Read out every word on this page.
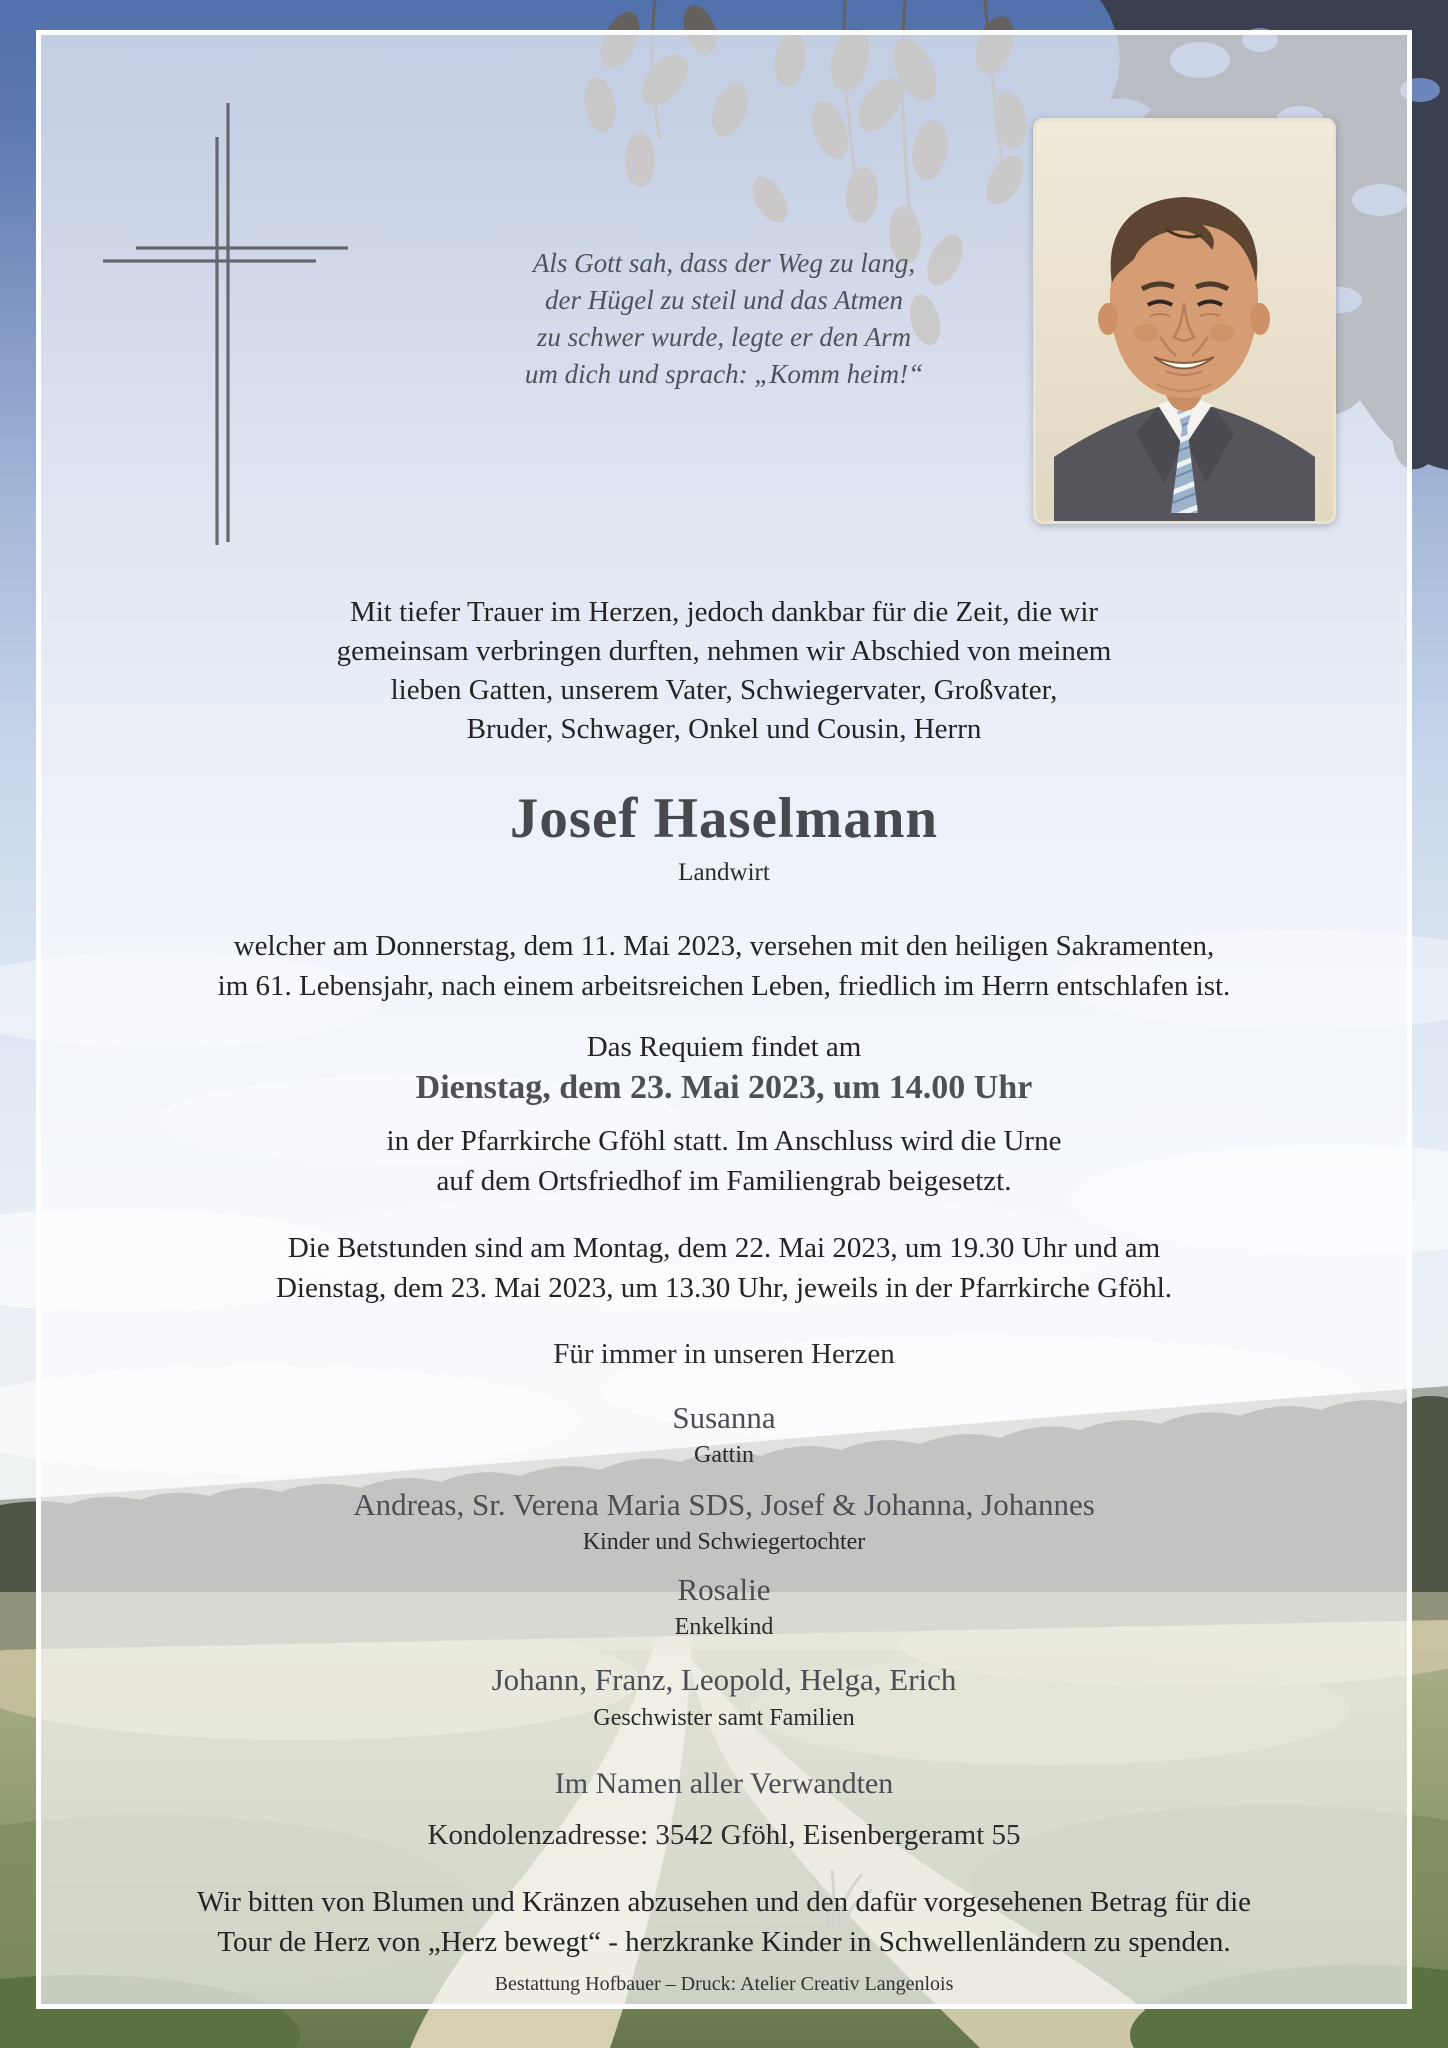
Als Gott sah, dass der Weg zu lang,
der Hügel zu steil und das Atmen
zu schwer wurde, legte er den Arm
um dich und sprach: „Komm heim!“
Mit tiefer Trauer im Herzen, jedoch dankbar für die Zeit, die wir
gemeinsam verbringen durften, nehmen wir Abschied von meinem
lieben Gatten, unserem Vater, Schwiegervater, Großvater,
Bruder, Schwager, Onkel und Cousin, Herrn
Josef Haselmann
Landwirt
welcher am Donnerstag, dem 11. Mai 2023, versehen mit den heiligen Sakramenten,
im 61. Lebensjahr, nach einem arbeitsreichen Leben, friedlich im Herrn entschlafen ist.
Das Requiem findet am
Dienstag, dem 23. Mai 2023, um 14.00 Uhr
in der Pfarrkirche Gföhl statt. Im Anschluss wird die Urne
auf dem Ortsfriedhof im Familiengrab beigesetzt.
Die Betstunden sind am Montag, dem 22. Mai 2023, um 19.30 Uhr und am
Dienstag, dem 23. Mai 2023, um 13.30 Uhr, jeweils in der Pfarrkirche Gföhl.
Für immer in unseren Herzen
Susanna
Gattin
Andreas, Sr. Verena Maria SDS, Josef & Johanna, Johannes
Kinder und Schwiegertochter
Rosalie
Enkelkind
Johann, Franz, Leopold, Helga, Erich
Geschwister samt Familien
Im Namen aller Verwandten
Kondolenzadresse: 3542 Gföhl, Eisenbergeramt 55
Wir bitten von Blumen und Kränzen abzusehen und den dafür vorgesehenen Betrag für die
Tour de Herz von „Herz bewegt“ - herzkranke Kinder in Schwellenländern zu spenden.
Bestattung Hofbauer – Druck: Atelier Creativ Langenlois
